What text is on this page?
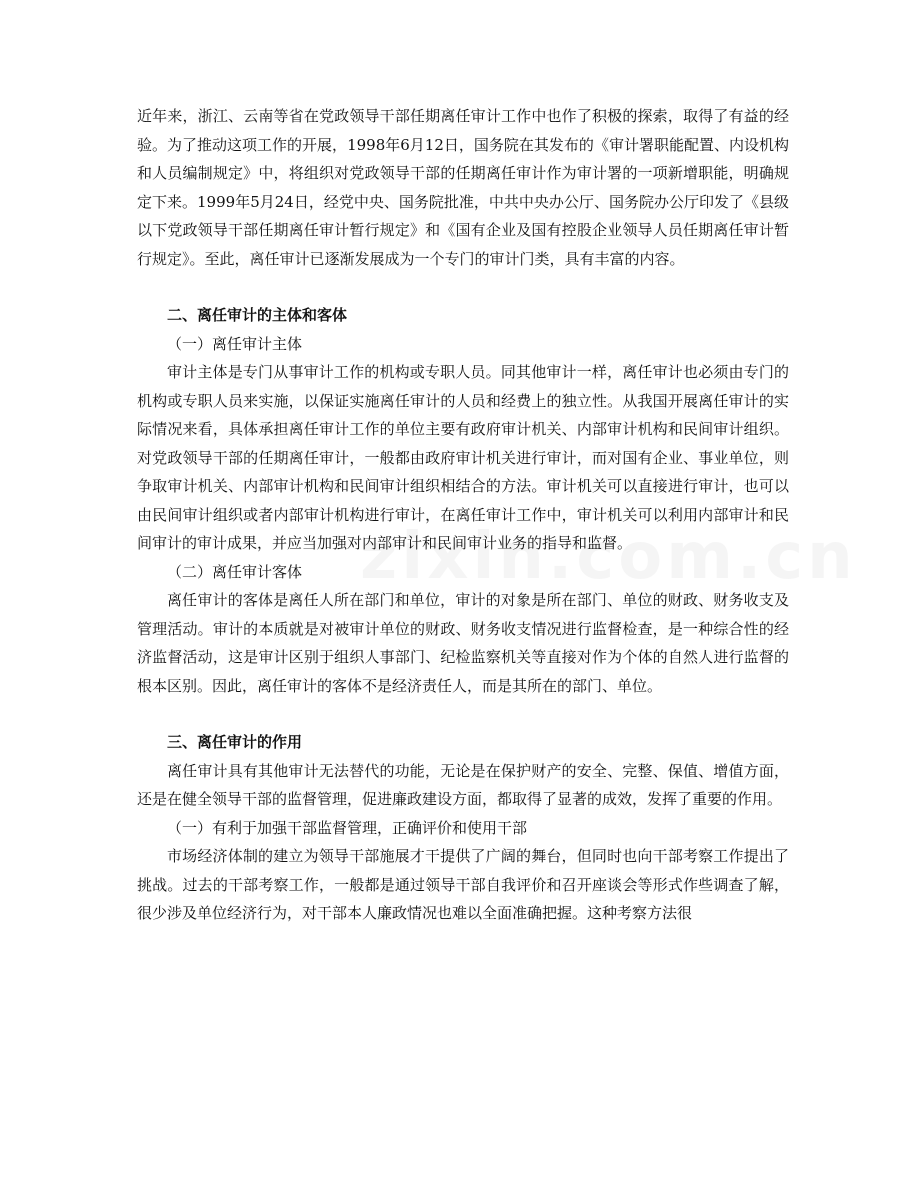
近年来，浙江、云南等省在党政领导干部任期离任审计工作中也作了积极的探索，取得了有益的经验。为了推动这项工作的开展，1998年6月12日，国务院在其发布的《审计署职能配置、内设机构和人员编制规定》中，将组织对党政领导干部的任期离任审计作为审计署的一项新增职能，明确规定下来。1999年5月24日，经党中央、国务院批准，中共中央办公厅、国务院办公厅印发了《县级以下党政领导干部任期离任审计暂行规定》和《国有企业及国有控股企业领导人员任期离任审计暂行规定》。至此，离任审计已逐渐发展成为一个专门的审计门类，具有丰富的内容。

二、离任审计的主体和客体

（一）离任审计主体

审计主体是专门从事审计工作的机构或专职人员。同其他审计一样，离任审计也必须由专门的机构或专职人员来实施，以保证实施离任审计的人员和经费上的独立性。从我国开展离任审计的实际情况来看，具体承担离任审计工作的单位主要有政府审计机关、内部审计机构和民间审计组织。对党政领导干部的任期离任审计，一般都由政府审计机关进行审计，而对国有企业、事业单位，则争取审计机关、内部审计机构和民间审计组织相结合的方法。审计机关可以直接进行审计，也可以由民间审计组织或者内部审计机构进行审计，在离任审计工作中，审计机关可以利用内部审计和民间审计的审计成果，并应当加强对内部审计和民间审计业务的指导和监督。

（二）离任审计客体

离任审计的客体是离任人所在部门和单位，审计的对象是所在部门、单位的财政、财务收支及管理活动。审计的本质就是对被审计单位的财政、财务收支情况进行监督检查，是一种综合性的经济监督活动，这是审计区别于组织人事部门、纪检监察机关等直接对作为个体的自然人进行监督的根本区别。因此，离任审计的客体不是经济责任人，而是其所在的部门、单位。

三、离任审计的作用

离任审计具有其他审计无法替代的功能，无论是在保护财产的安全、完整、保值、增值方面，还是在健全领导干部的监督管理，促进廉政建设方面，都取得了显著的成效，发挥了重要的作用。

（一）有利于加强干部监督管理，正确评价和使用干部

市场经济体制的建立为领导干部施展才干提供了广阔的舞台，但同时也向干部考察工作提出了挑战。过去的干部考察工作，一般都是通过领导干部自我评价和召开座谈会等形式作些调查了解，很少涉及单位经济行为，对干部本人廉政情况也难以全面准确把握。这种考察方法很
